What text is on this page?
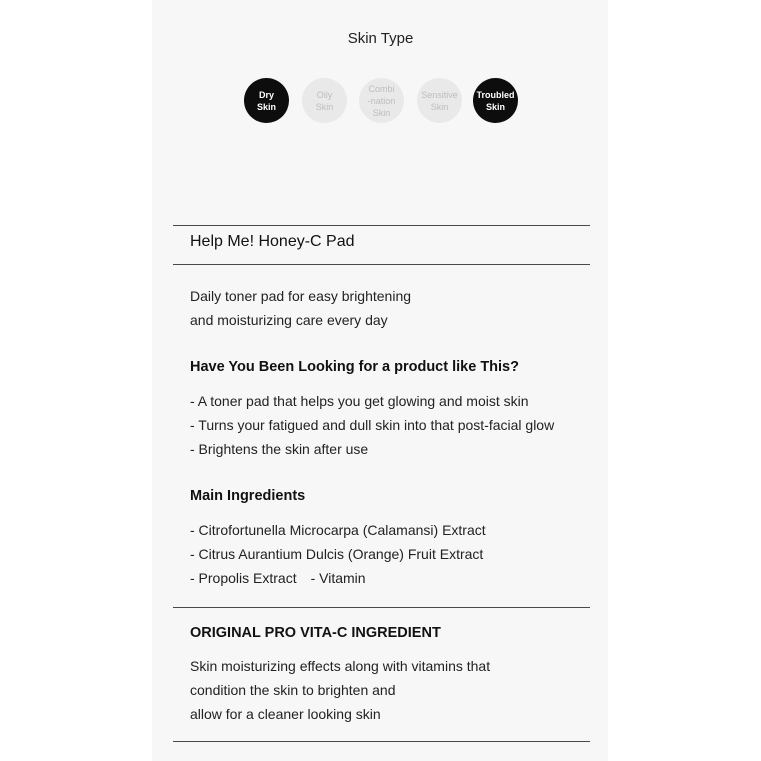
Skin Type
Dry
Skin
Oily
Skin
Combi
-nation
Skin
Sensitive
Skin
Troubled
Skin
Help Me! Honey-C Pad
Daily toner pad for easy brightening
and moisturizing care every day
Have You Been Looking for a product like This?
- A toner pad that helps you get glowing and moist skin
- Turns your fatigued and dull skin into that post-facial glow
- Brightens the skin after use
Main Ingredients
- Citrofortunella Microcarpa (Calamansi) Extract
- Citrus Aurantium Dulcis (Orange) Fruit Extract
- Propolis Extract - Vitamin
ORIGINAL PRO VITA-C INGREDIENT
Skin moisturizing effects along with vitamins that
condition the skin to brighten and
allow for a cleaner looking skin
